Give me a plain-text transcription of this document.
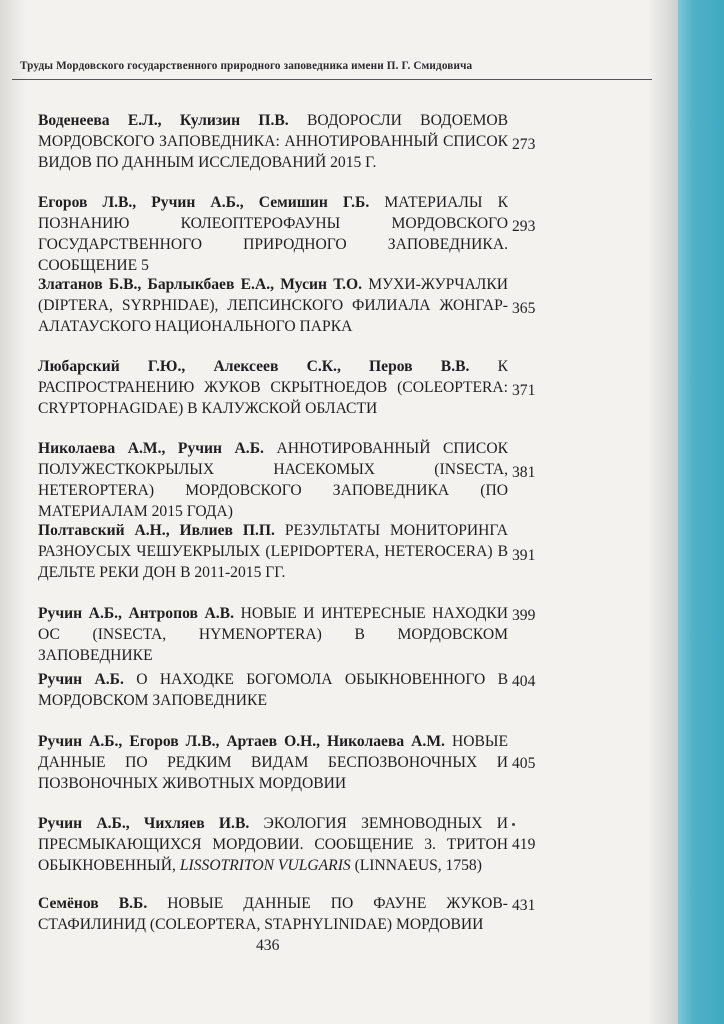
Труды Мордовского государственного природного заповедника имени П. Г. Смидовича
Воденеева Е.Л., Кулизин П.В. ВОДОРОСЛИ ВОДОЕМОВ МОРДОВСКОГО ЗАПОВЕДНИКА: АННОТИРОВАННЫЙ СПИСОК ВИДОВ ПО ДАННЫМ ИССЛЕДОВАНИЙ 2015 Г.
273
Егоров Л.В., Ручин А.Б., Семишин Г.Б. МАТЕРИАЛЫ К ПОЗНАНИЮ КОЛЕОПТЕРОФАУНЫ МОРДОВСКОГО ГОСУДАРСТВЕННОГО ПРИРОДНОГО ЗАПОВЕДНИКА. СООБЩЕНИЕ 5
293
Златанов Б.В., Барлыкбаев Е.А., Мусин Т.О. МУХИ-ЖУРЧАЛКИ (DIPTERA, SYRPHIDAE), ЛЕПСИНСКОГО ФИЛИАЛА ЖОНГАР-АЛАТАУСКОГО НАЦИОНАЛЬНОГО ПАРКА
365
Любарский Г.Ю., Алексеев С.К., Перов В.В. К РАСПРОСТРАНЕНИЮ ЖУКОВ СКРЫТНОЕДОВ (COLEOPTERA: CRYPTOPHAGIDAE) В КАЛУЖСКОЙ ОБЛАСТИ
371
Николаева А.М., Ручин А.Б. АННОТИРОВАННЫЙ СПИСОК ПОЛУЖЕСТКОКРЫЛЫХ НАСЕКОМЫХ (INSECTA, HETEROPTERA) МОРДОВСКОГО ЗАПОВЕДНИКА (ПО МАТЕРИАЛАМ 2015 ГОДА)
381
Полтавский А.Н., Ивлиев П.П. РЕЗУЛЬТАТЫ МОНИТОРИНГА РАЗНОУСЫХ ЧЕШУЕКРЫЛЫХ (LEPIDOPTERA, HETEROCERA) В ДЕЛЬТЕ РЕКИ ДОН В 2011-2015 ГГ.
391
Ручин А.Б., Антропов А.В. НОВЫЕ И ИНТЕРЕСНЫЕ НАХОДКИ ОС (INSECTA, HYMENOPTERA) В МОРДОВСКОМ ЗАПОВЕДНИКЕ
399
Ручин А.Б. О НАХОДКЕ БОГОМОЛА ОБЫКНОВЕННОГО В МОРДОВСКОМ ЗАПОВЕДНИКЕ
404
Ручин А.Б., Егоров Л.В., Артаев О.Н., Николаева А.М. НОВЫЕ ДАННЫЕ ПО РЕДКИМ ВИДАМ БЕСПОЗВОНОЧНЫХ И ПОЗВОНОЧНЫХ ЖИВОТНЫХ МОРДОВИИ
405
Ручин А.Б., Чихляев И.В. ЭКОЛОГИЯ ЗЕМНОВОДНЫХ И ПРЕСМЫКАЮЩИХСЯ МОРДОВИИ. СООБЩЕНИЕ 3. ТРИТОН ОБЫКНОВЕННЫЙ, LISSOTRITON VULGARIS (LINNAEUS, 1758)
419
Семёнов В.Б. НОВЫЕ ДАННЫЕ ПО ФАУНЕ ЖУКОВ-СТАФИЛИНИД (COLEOPTERA, STAPHYLINIDAE) МОРДОВИИ
431
436
